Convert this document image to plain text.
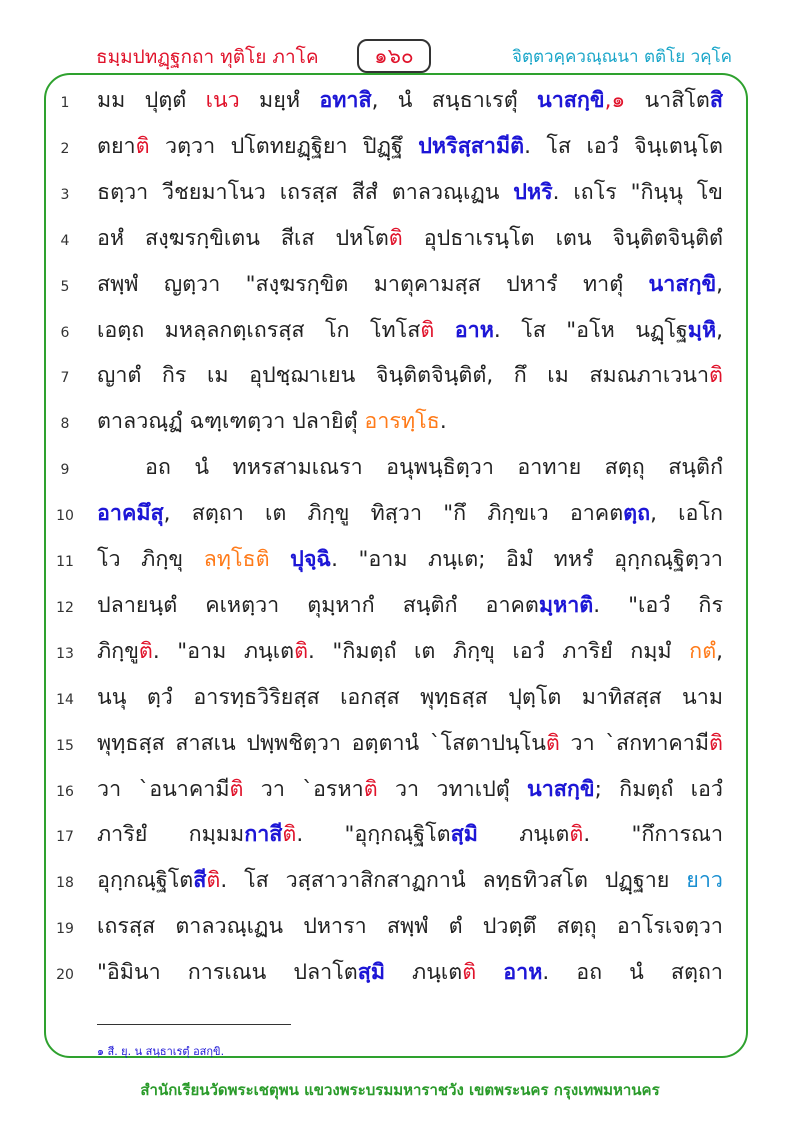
ธมฺมปทฏฺฐกถา ทุติโย ภาโค	๑๖๐	จิตฺตวคฺควณฺณนา ตติโย วคฺโค
1	มม ปุตฺตํ เนว มยฺหํ อทาสิ, นํ สนฺธาเรตุํ นาสกฺขิ,๑ นาสิโตสิ
2	ตยาติ วตฺวา ปโตทยฏฺฐิยา ปิฏฺฐึ ปหริสฺสามีติ. โส เอวํ จินฺเตนฺโต
3	ธตฺวา วีชยมาโนว เถรสฺส สีสํ ตาลวณฺเฏน ปหริ. เถโร "กินฺนุ โข
4	อหํ สงฺฆรกฺขิเตน สีเส ปหโตติ อุปธาเรนฺโต เตน จินฺติตจินฺติตํ
5	สพฺพํ ญตฺวา "สงฺฆรกฺขิต มาตุคามสฺส ปหารํ ทาตุํ นาสกฺขิ,
6	เอตฺถ มหลฺลกตฺเถรสฺส โก โทโสติ อาห. โส "อโห นฏฺโฐมฺหิ,
7	ญาตํ กิร เม อุปชฺฌาเยน จินฺติตจินฺติตํ, กึ เม สมณภาเวนาติ
8	ตาลวณฺฏํ ฉฑฺเฑตฺวา ปลายิตุํ อารทฺโธ.
9	อถ นํ ทหรสามเณรา อนุพนฺธิตฺวา อาทาย สตฺถุ สนฺติกํ
10 อาคมึสุ, สตฺถา เต ภิกฺขู ทิสฺวา "กึ ภิกฺขเว อาคตตฺถ, เอโก
11 โว ภิกฺขุ ลทฺโธติ ปุจฺฉิ. "อาม ภนฺเต; อิมํ ทหรํ อุกฺกณฺฐิตฺวา
12 ปลายนฺตํ คเหตฺวา ตุมฺหากํ สนฺติกํ อาคตมฺหาติ. "เอวํ กิร
13 ภิกฺขูติ. "อาม ภนฺเตติ. "กิมตฺถํ เต ภิกฺขุ เอวํ ภาริยํ กมฺมํ กตํ,
14 นนุ ตฺวํ อารทฺธวิริยสฺส เอกสฺส พุทฺธสฺส ปุตฺโต มาทิสสฺส นาม
15 พุทฺธสฺส สาสเน ปพฺพชิตฺวา อตฺตานํ `โสตาปนฺโนติ วา `สกทาคามีติ
16 วา `อนาคามีติ วา `อรหาติ วา วทาเปตุํ นาสกฺขิ; กิมตฺถํ เอวํ
17 ภาริยํ กมฺมมกาสีติ. "อุกฺกณฺฐิโตสฺมิ ภนฺเตติ. "กึการณา
18 อุกฺกณฺฐิโตสีติ. โส วสฺสาวาสิกสาฏกานํ ลทฺธทิวสโต ปฏฺฐาย ยาว
19 เถรสฺส ตาลวณฺเฏน ปหารา สพฺพํ ตํ ปวตฺตึ สตฺถุ อาโรเจตฺวา
20 "อิมินา การเณน ปลาโตสฺมิ ภนฺเตติ อาห. อถ นํ สตฺถา
๑ สี. ยุ. น สนฺธาเรตุํ อสกฺขิ.
สำนักเรียนวัดพระเชตุพน แขวงพระบรมมหาราชวัง เขตพระนคร กรุงเทพมหานคร
